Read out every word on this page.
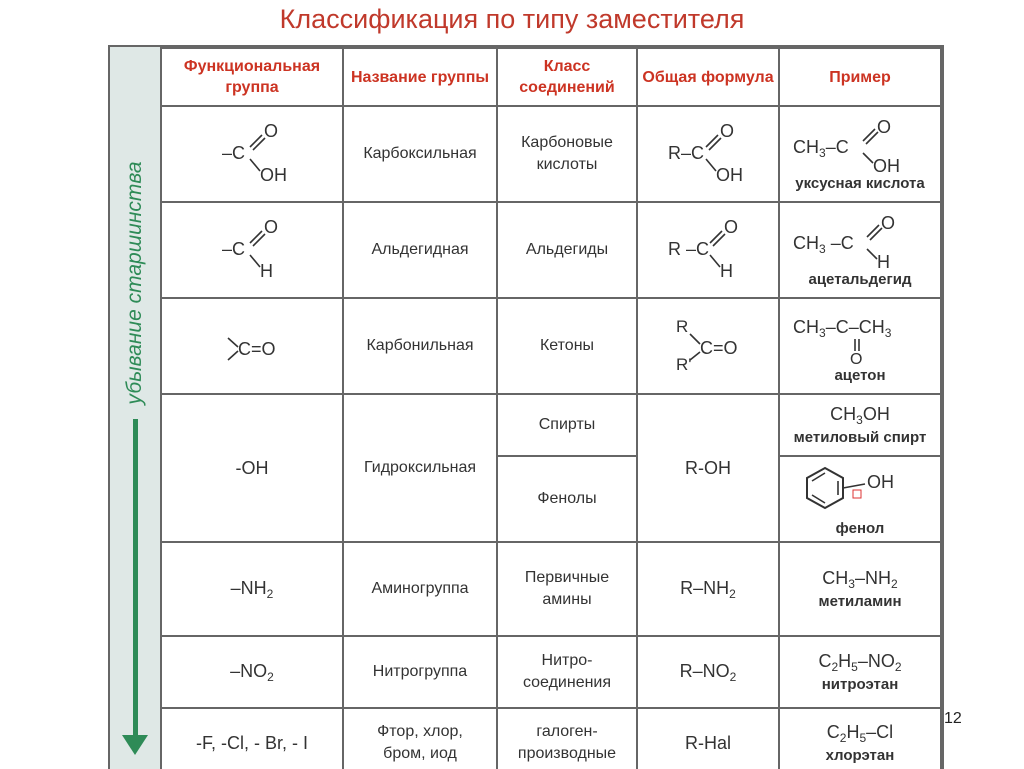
Классификация по типу заместителя
12
убывание старшинства
Функциональная группа	Название группы	Класс соединений	Общая формула	Пример

–C
O
OH	Карбоксильная	Карбоновые кислоты	R–C
O
OH	$CH_3-C$
O
OH
уксусная кислота

–C
O
H	Альдегидная	Альдегиды	R –C
O
H	$CH_3$ –C
O
H
ацетальдегид

C=O	Карбонильная	Кетоны	R
R'
C=O	$CH_3-C-CH_3$
O
ацетон

-OH	Гидроксильная	Спирты	R-OH	$CH_3OH$
метиловый спирт

		Фенолы		OH
фенол

$-NH_2$	Аминогруппа	Первичные амины	$R-NH_2$	$CH_3-NH_2$
метиламин

$-NO_2$	Нитрогруппа	Нитро-соединения	$R-NO_2$	$C_2H_5-NO_2$
нитроэтан

-F, -Cl, - Br, - I	Фтор, хлор, бром, иод	галоген-производные	R-Hal	$C_2H_5-Cl$
хлорэтан
